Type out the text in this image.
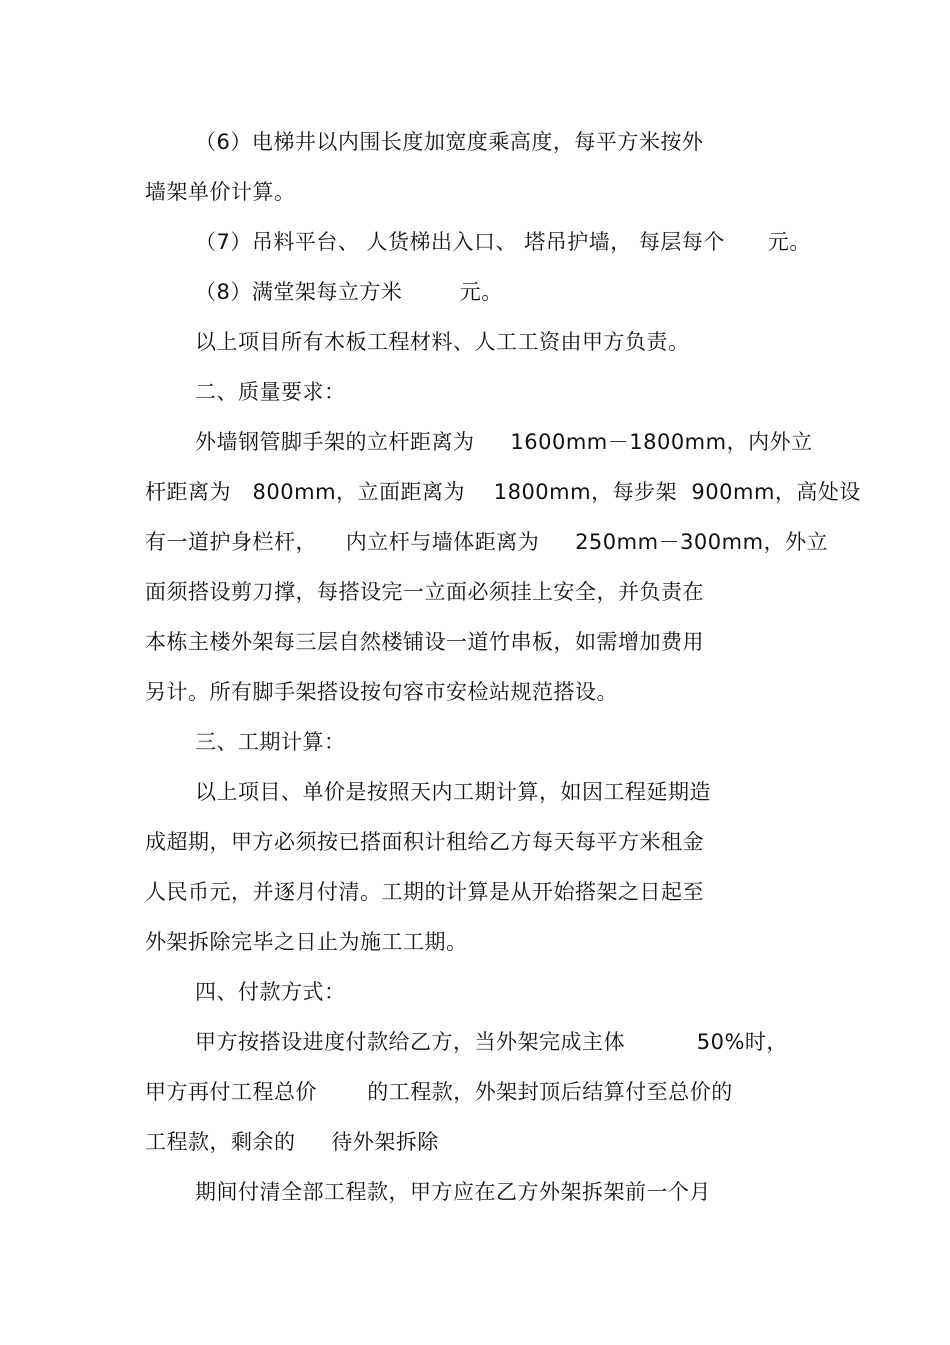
（6）电梯井以内围长度加宽度乘高度，每平方米按外
墙架单价计算。
（7）吊料平台、 人货梯出入口、 塔吊护墙， 每层每个      元。
（8）满堂架每立方米        元。
以上项目所有木板工程材料、人工工资由甲方负责。
二、质量要求：
外墙钢管脚手架的立杆距离为     1600mm－1800mm，内外立
杆距离为   800mm，立面距离为    1800mm，每步架  900mm，高处设
有一道护身栏杆，    内立杆与墙体距离为     250mm－300mm，外立
面须搭设剪刀撑，每搭设完一立面必须挂上安全，并负责在
本栋主楼外架每三层自然楼铺设一道竹串板，如需增加费用
另计。所有脚手架搭设按句容市安检站规范搭设。
三、工期计算：
以上项目、单价是按照天内工期计算，如因工程延期造
成超期，甲方必须按已搭面积计租给乙方每天每平方米租金
人民币元，并逐月付清。工期的计算是从开始搭架之日起至
外架拆除完毕之日止为施工工期。
四、付款方式：
甲方按搭设进度付款给乙方，当外架完成主体          50%时，
甲方再付工程总价       的工程款，外架封顶后结算付至总价的
工程款，剩余的     待外架拆除
期间付清全部工程款，甲方应在乙方外架拆架前一个月
